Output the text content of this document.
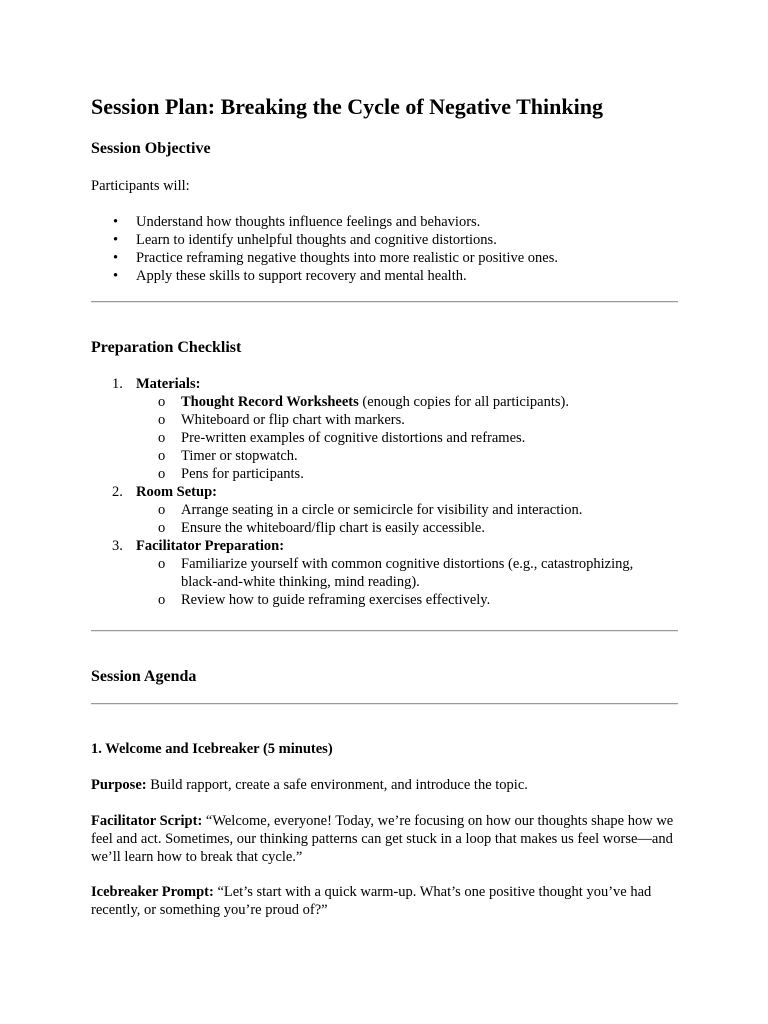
Session Plan: Breaking the Cycle of Negative Thinking
Session Objective
Participants will:
• Understand how thoughts influence feelings and behaviors.
• Learn to identify unhelpful thoughts and cognitive distortions.
• Practice reframing negative thoughts into more realistic or positive ones.
• Apply these skills to support recovery and mental health.
Preparation Checklist
1. Materials:
o Thought Record Worksheets (enough copies for all participants).
o Whiteboard or flip chart with markers.
o Pre-written examples of cognitive distortions and reframes.
o Timer or stopwatch.
o Pens for participants.
2. Room Setup:
o Arrange seating in a circle or semicircle for visibility and interaction.
o Ensure the whiteboard/flip chart is easily accessible.
3. Facilitator Preparation:
o Familiarize yourself with common cognitive distortions (e.g., catastrophizing, black-and-white thinking, mind reading).
o Review how to guide reframing exercises effectively.
Session Agenda
1. Welcome and Icebreaker (5 minutes)
Purpose: Build rapport, create a safe environment, and introduce the topic.
Facilitator Script: “Welcome, everyone! Today, we’re focusing on how our thoughts shape how we feel and act. Sometimes, our thinking patterns can get stuck in a loop that makes us feel worse—and we’ll learn how to break that cycle.”
Icebreaker Prompt: “Let’s start with a quick warm-up. What’s one positive thought you’ve had recently, or something you’re proud of?”
